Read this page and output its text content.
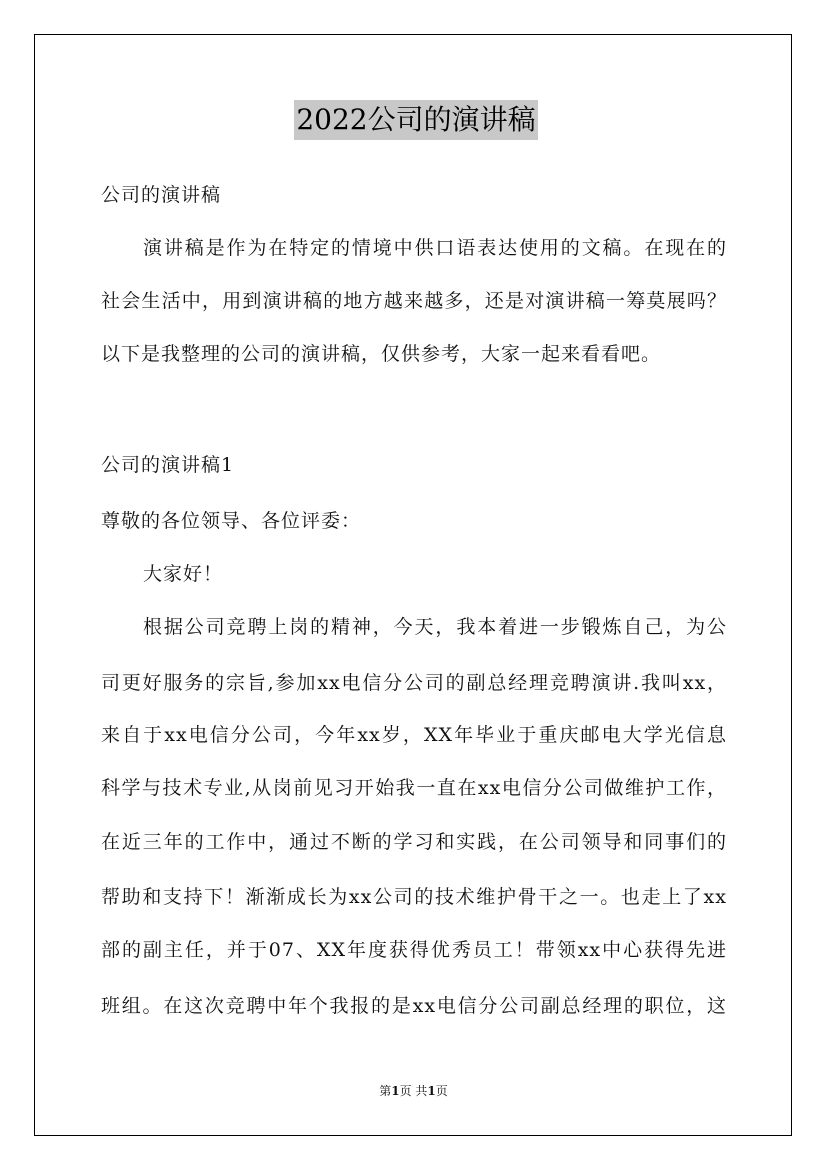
2022公司的演讲稿
公司的演讲稿
演讲稿是作为在特定的情境中供口语表达使用的文稿。在现在的
社会生活中，用到演讲稿的地方越来越多，还是对演讲稿一筹莫展吗？
以下是我整理的公司的演讲稿，仅供参考，大家一起来看看吧。
公司的演讲稿1
尊敬的各位领导、各位评委：
大家好！
根据公司竞聘上岗的精神，今天，我本着进一步锻炼自己，为公
司更好服务的宗旨,参加xx电信分公司的副总经理竞聘演讲.我叫xx，
来自于xx电信分公司，今年xx岁，XX年毕业于重庆邮电大学光信息
科学与技术专业,从岗前见习开始我一直在xx电信分公司做维护工作，
在近三年的工作中，通过不断的学习和实践，在公司领导和同事们的
帮助和支持下！渐渐成长为xx公司的技术维护骨干之一。也走上了xx
部的副主任，并于07、XX年度获得优秀员工！带领xx中心获得先进
班组。在这次竞聘中年个我报的是xx电信分公司副总经理的职位，这
第1页 共1页
